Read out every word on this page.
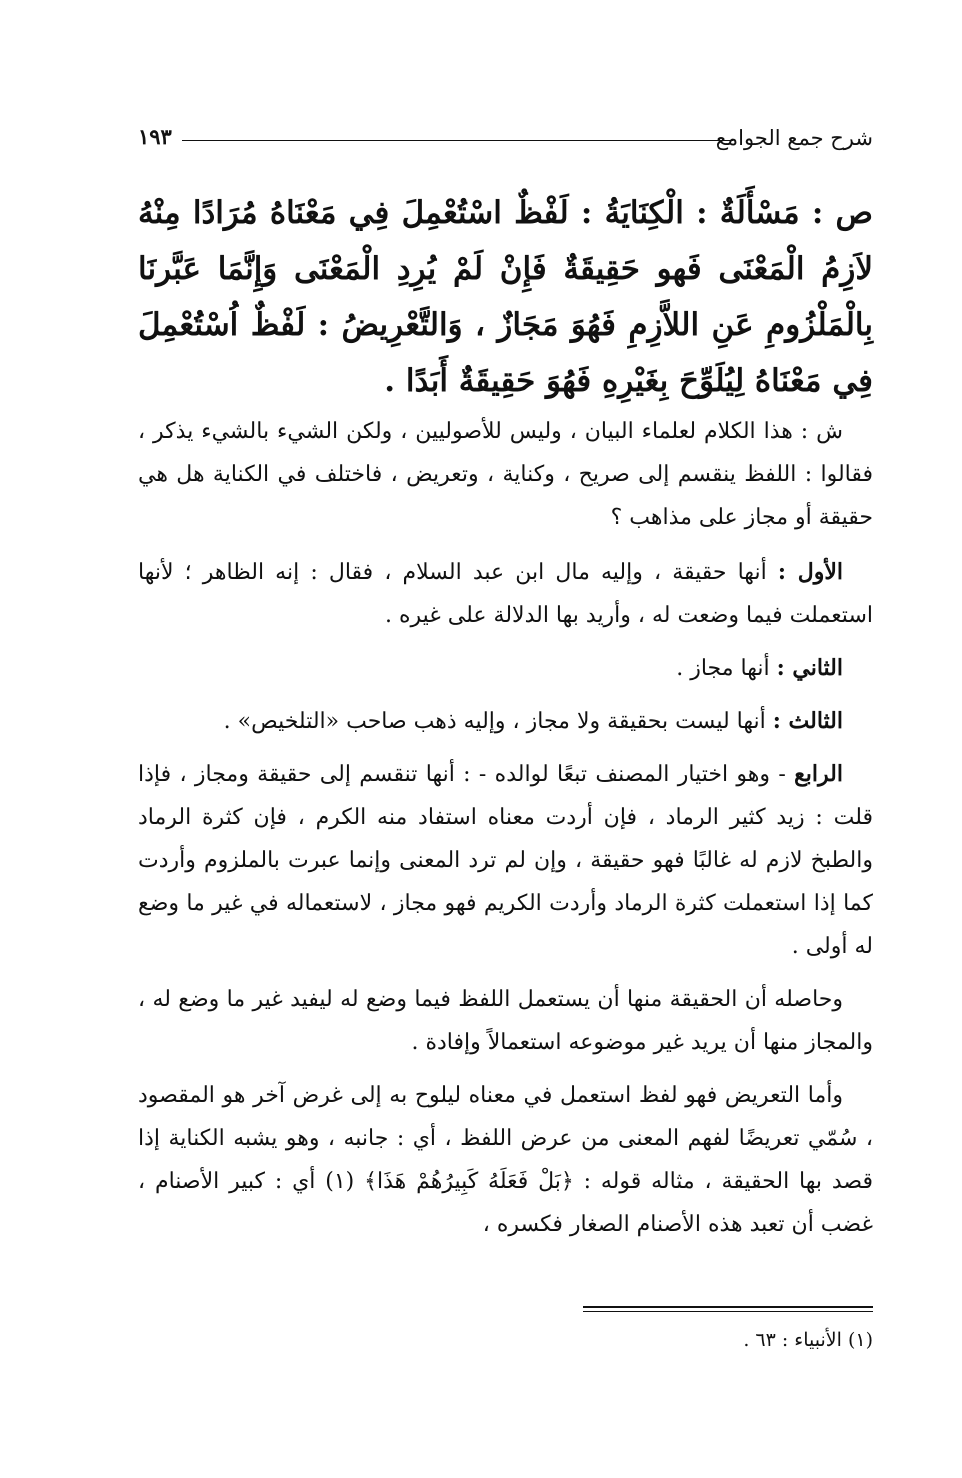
شرح جمع الجوامع
١٩٣
ص : مَسْأَلَةٌ : الْكِنَايَةُ : لَفْظٌ اسْتُعْمِلَ فِي مَعْنَاهُ مُرَادًا مِنْهُ لاَزِمُ الْمَعْنَى فَهو حَقِيقَةٌ فَإِنْ لَمْ يُرِدِ الْمَعْنَى وَإِنَّمَا عَبَّرنَا بِالْمَلْزُومِ عَنِ اللاَّزِمِ فَهُوَ مَجَازٌ ، وَالتَّعْرِيضُ : لَفْظٌ اُسْتُعْمِلَ فِي مَعْنَاهُ لِيُلَوِّحَ بِغَيْرِهِ فَهُوَ حَقِيقَةٌ أَبَدًا .

ش : هذا الكلام لعلماء البيان ، وليس للأصوليين ، ولكن الشيء بالشيء يذكر ، فقالوا : اللفظ ينقسم إلى صريح ، وكناية ، وتعريض ، فاختلف في الكناية هل هي حقيقة أو مجاز على مذاهب ؟

الأول : أنها حقيقة ، وإليه مال ابن عبد السلام ، فقال : إنه الظاهر ؛ لأنها استعملت فيما وضعت له ، وأريد بها الدلالة على غيره .

الثاني : أنها مجاز .

الثالث : أنها ليست بحقيقة ولا مجاز ، وإليه ذهب صاحب «التلخيص» .

الرابع - وهو اختيار المصنف تبعًا لوالده - : أنها تنقسم إلى حقيقة ومجاز ، فإذا قلت : زيد كثير الرماد ، فإن أردت معناه استفاد منه الكرم ، فإن كثرة الرماد والطبخ لازم له غالبًا فهو حقيقة ، وإن لم ترد المعنى وإنما عبرت بالملزوم وأردت كما إذا استعملت كثرة الرماد وأردت الكريم فهو مجاز ، لاستعماله في غير ما وضع له أولى .

وحاصله أن الحقيقة منها أن يستعمل اللفظ فيما وضع له ليفيد غير ما وضع له ، والمجاز منها أن يريد غير موضوعه استعمالاً وإفادة .

وأما التعريض فهو لفظ استعمل في معناه ليلوح به إلى غرض آخر هو المقصود ، سُمّي تعريضًا لفهم المعنى من عرض اللفظ ، أي : جانبه ، وهو يشبه الكناية إذا قصد بها الحقيقة ، مثاله قوله : ﴿بَلْ فَعَلَهُ كَبِيرُهُمْ هَذَا﴾ (١) أي : كبير الأصنام ، غضب أن تعبد هذه الأصنام الصغار فكسره ،

(١) الأنبياء : ٦٣ .
